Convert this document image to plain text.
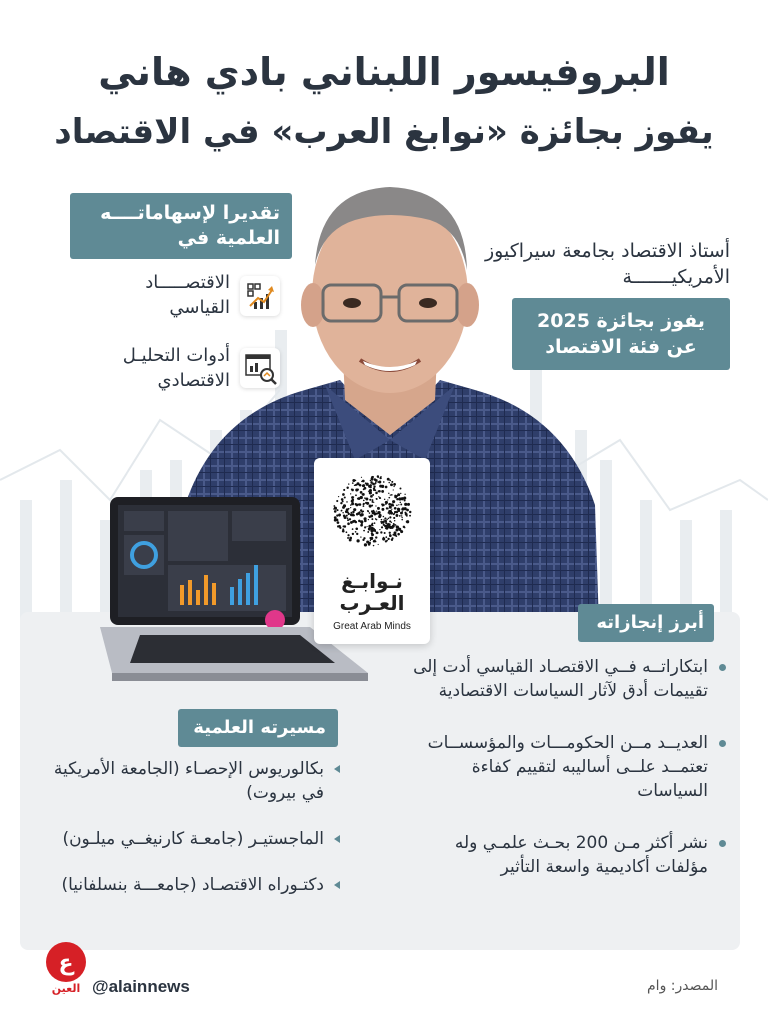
البروفيسور اللبناني بادي هاني
يفوز بجائزة «نوابغ العرب» في الاقتصاد
تقديرا لإسهاماتــــه العلمية في
الاقتصـــــاد القياسي
أدوات التحليـل الاقتصادي
أستاذ الاقتصاد بجامعة سيراكيوز الأمريكيـــــــة
يفوز بجائزة 2025 عن فئة الاقتصاد
نـوابـغ العـرب
Great Arab Minds	أبرز إنجازاته
ابتكاراتــه فــي الاقتصـاد القياسي أدت إلى تقييمات أدق لآثار السياسات الاقتصادية
العديــد مــن الحكومـــات والمؤسســات تعتمــد علــى أساليبه لتقييم كفاءة السياسات
نشر أكثر مـن 200 بحـث علمـي وله مؤلفات أكاديمية واسعة التأثير
مسيرته العلمية
بكالوريوس الإحصـاء (الجامعة الأمريكية في بيروت)
الماجستيـر (جامعـة كارنيغــي ميلـون)
دكتـوراه الاقتصـاد (جامعـــة بنسلفانيا)
ع
العين @alainnews	المصدر: وام
